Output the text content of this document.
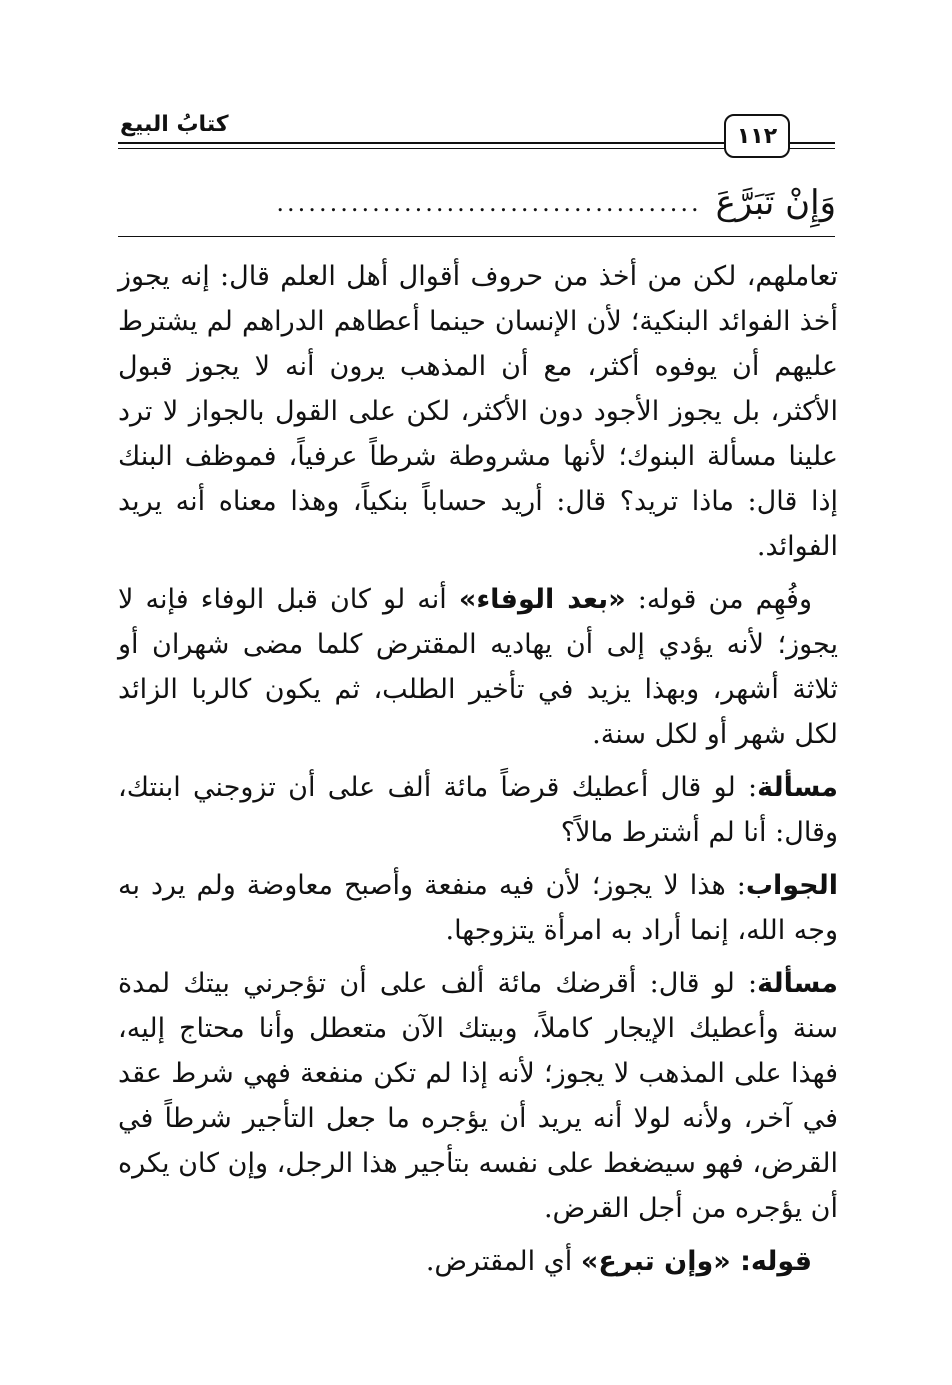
كتابُ البيع	١١٢
وَإِنْ تَبَرَّعَ
........................................

تعاملهم، لكن من أخذ من حروف أقوال أهل العلم قال: إنه يجوز أخذ الفوائد البنكية؛ لأن الإنسان حينما أعطاهم الدراهم لم يشترط عليهم أن يوفوه أكثر، مع أن المذهب يرون أنه لا يجوز قبول الأكثر، بل يجوز الأجود دون الأكثر، لكن على القول بالجواز لا ترد علينا مسألة البنوك؛ لأنها مشروطة شرطاً عرفياً، فموظف البنك إذا قال: ماذا تريد؟ قال: أريد حساباً بنكياً، وهذا معناه أنه يريد الفوائد.

وفُهِم من قوله: «بعد الوفاء» أنه لو كان قبل الوفاء فإنه لا يجوز؛ لأنه يؤدي إلى أن يهاديه المقترض كلما مضى شهران أو ثلاثة أشهر، وبهذا يزيد في تأخير الطلب، ثم يكون كالربا الزائد لكل شهر أو لكل سنة.

مسألة: لو قال أعطيك قرضاً مائة ألف على أن تزوجني ابنتك، وقال: أنا لم أشترط مالاً؟

الجواب: هذا لا يجوز؛ لأن فيه منفعة وأصبح معاوضة ولم يرد به وجه الله، إنما أراد به امرأة يتزوجها.

مسألة: لو قال: أقرضك مائة ألف على أن تؤجرني بيتك لمدة سنة وأعطيك الإيجار كاملاً، وبيتك الآن متعطل وأنا محتاج إليه، فهذا على المذهب لا يجوز؛ لأنه إذا لم تكن منفعة فهي شرط عقد في آخر، ولأنه لولا أنه يريد أن يؤجره ما جعل التأجير شرطاً في القرض، فهو سيضغط على نفسه بتأجير هذا الرجل، وإن كان يكره أن يؤجره من أجل القرض.

قوله: «وإن تبرع» أي المقترض.
